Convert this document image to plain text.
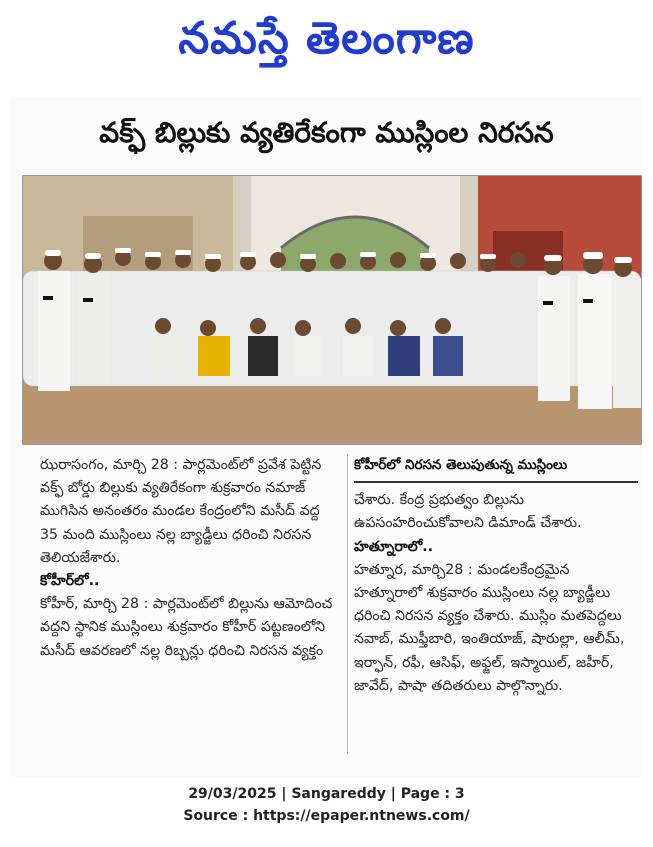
నమస్తే తెలంగాణ
వక్ఫ్ బిల్లుకు వ్యతిరేకంగా ముస్లింల నిరసన

ఝరాసంగం, మార్చి 28 : పార్లమెంట్‌లో ప్రవేశ పెట్టిన వక్ఫ్ బోర్డు బిల్లుకు వ్యతిరేకంగా శుక్రవారం నమాజ్ ముగిసిన అనంతరం మండల కేంద్రంలోని మసీద్ వద్ద 35 మంది ముస్లింలు నల్ల బ్యాడ్జీలు ధరించి నిరసన తెలియజేశారు.

కోహీర్‌లో..

కోహీర్, మార్చి 28 : పార్లమెంట్‌లో బిల్లును ఆమోదించ వద్దని స్థానిక ముస్లింలు శుక్రవారం కోహీర్ పట్టణంలోని మసీద్ ఆవరణలో నల్ల రిబ్బన్లు ధరించి నిరసన వ్యక్తం

కోహీర్‌లో నిరసన తెలుపుతున్న ముస్లింలు

చేశారు. కేంద్ర ప్రభుత్వం బిల్లును ఉపసంహరించుకోవాలని డిమాండ్ చేశారు.

హత్నూరాలో..

హత్నూర, మార్చి28 : మండలకేంద్రమైన హత్నూరాలో శుక్రవారం ముస్లింలు నల్ల బ్యాడ్జీలు ధరించి నిరసన వ్యక్తం చేశారు. ముస్లిం మతపెద్దలు నవాబ్, ముఫ్తీబారి, ఇంతియాజ్, షారుల్లా, ఆలీమ్, ఇర్ఫాన్, రఫీ, ఆసిఫ్, అఫ్జల్, ఇస్మాయిల్, జహీర్, జావేద్, పాషా తదితరులు పాల్గొన్నారు.

29/03/2025 | Sangareddy | Page : 3
Source : https://epaper.ntnews.com/
